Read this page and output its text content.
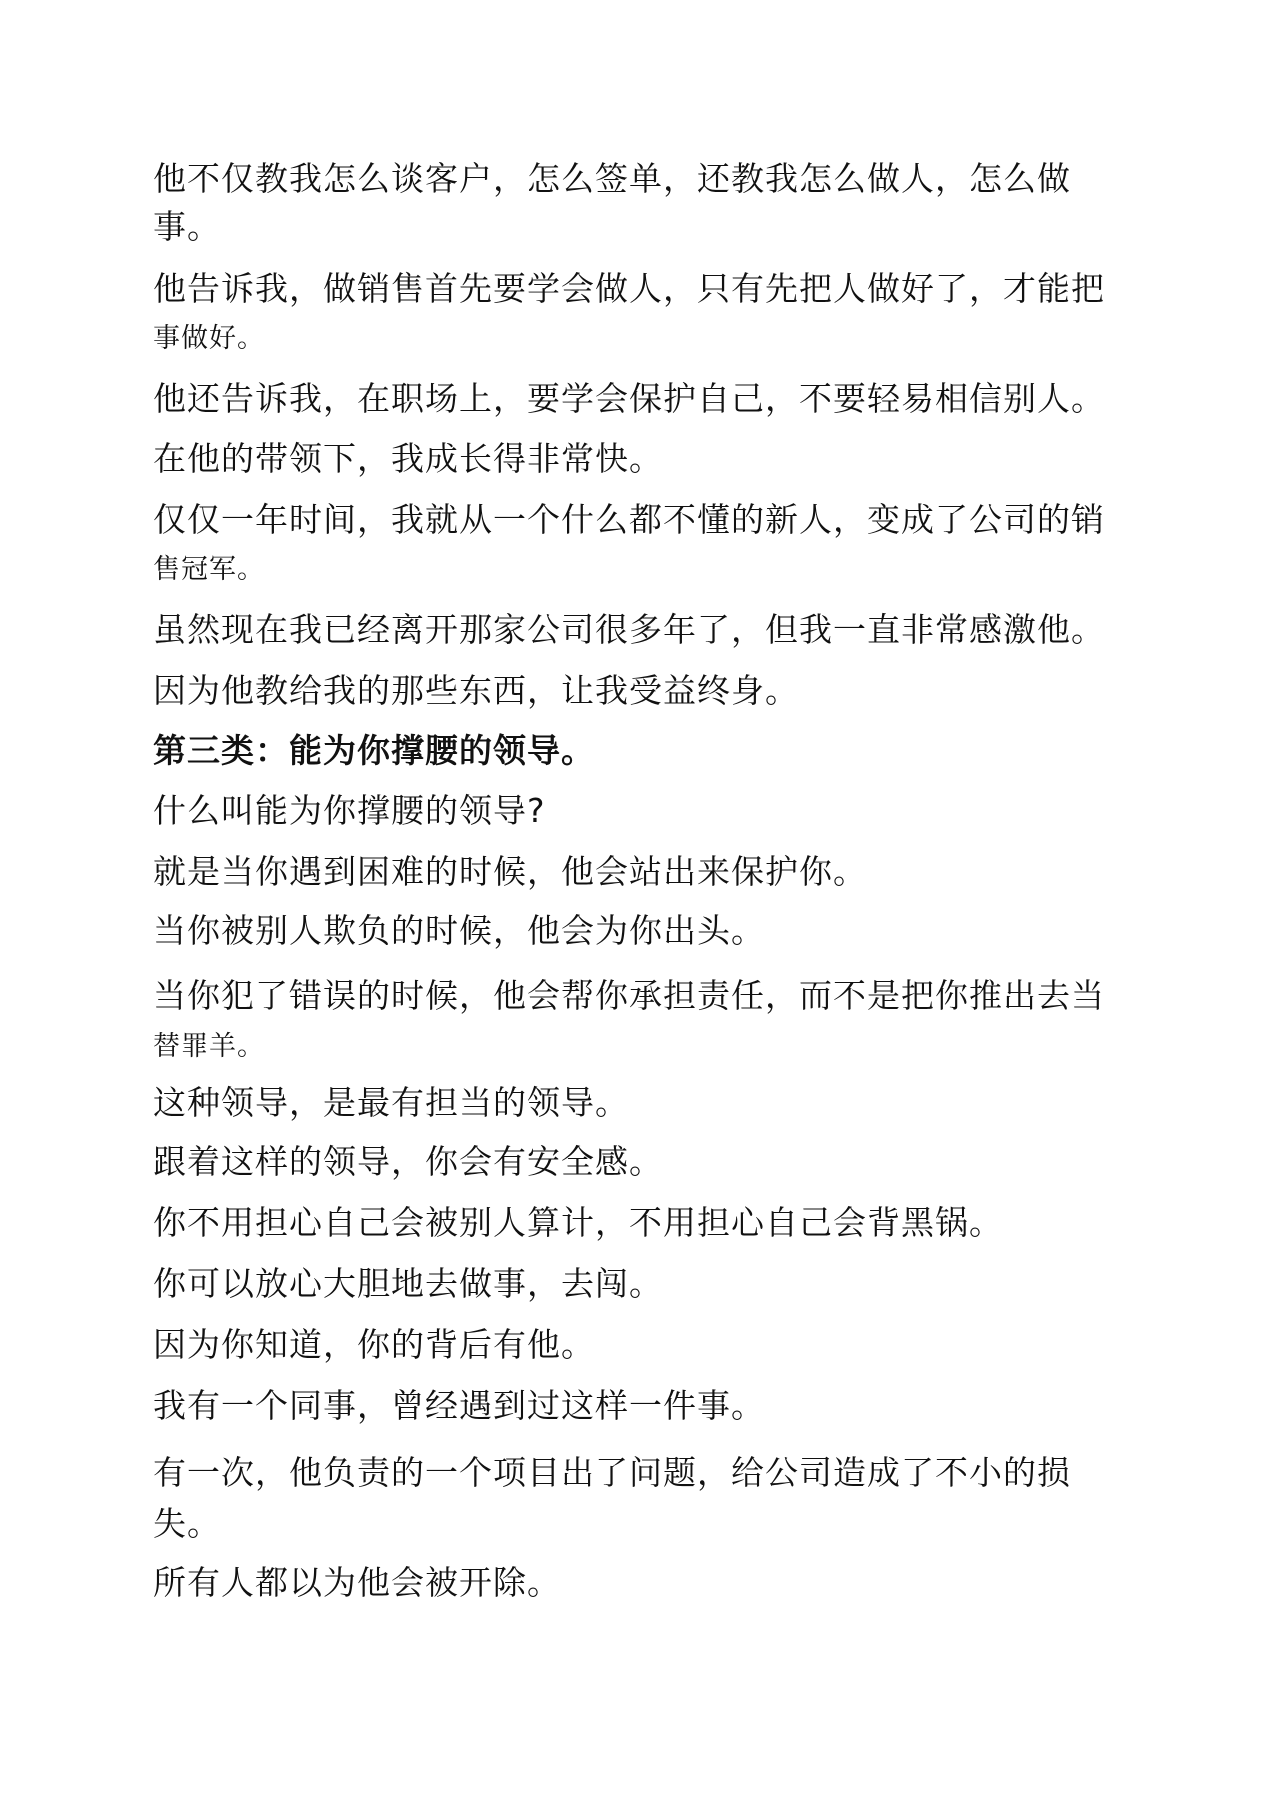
他不仅教我怎么谈客户，怎么签单，还教我怎么做人，怎么做

事。

他告诉我，做销售首先要学会做人，只有先把人做好了，才能把

事做好。

他还告诉我，在职场上，要学会保护自己，不要轻易相信别人。

在他的带领下，我成长得非常快。

仅仅一年时间，我就从一个什么都不懂的新人，变成了公司的销

售冠军。

虽然现在我已经离开那家公司很多年了，但我一直非常感激他。

因为他教给我的那些东西，让我受益终身。

第三类：能为你撑腰的领导。

什么叫能为你撑腰的领导?

就是当你遇到困难的时候，他会站出来保护你。

当你被别人欺负的时候，他会为你出头。

当你犯了错误的时候，他会帮你承担责任，而不是把你推出去当

替罪羊。

这种领导，是最有担当的领导。

跟着这样的领导，你会有安全感。

你不用担心自己会被别人算计，不用担心自己会背黑锅。

你可以放心大胆地去做事，去闯。

因为你知道，你的背后有他。

我有一个同事，曾经遇到过这样一件事。

有一次，他负责的一个项目出了问题，给公司造成了不小的损

失。

所有人都以为他会被开除。
